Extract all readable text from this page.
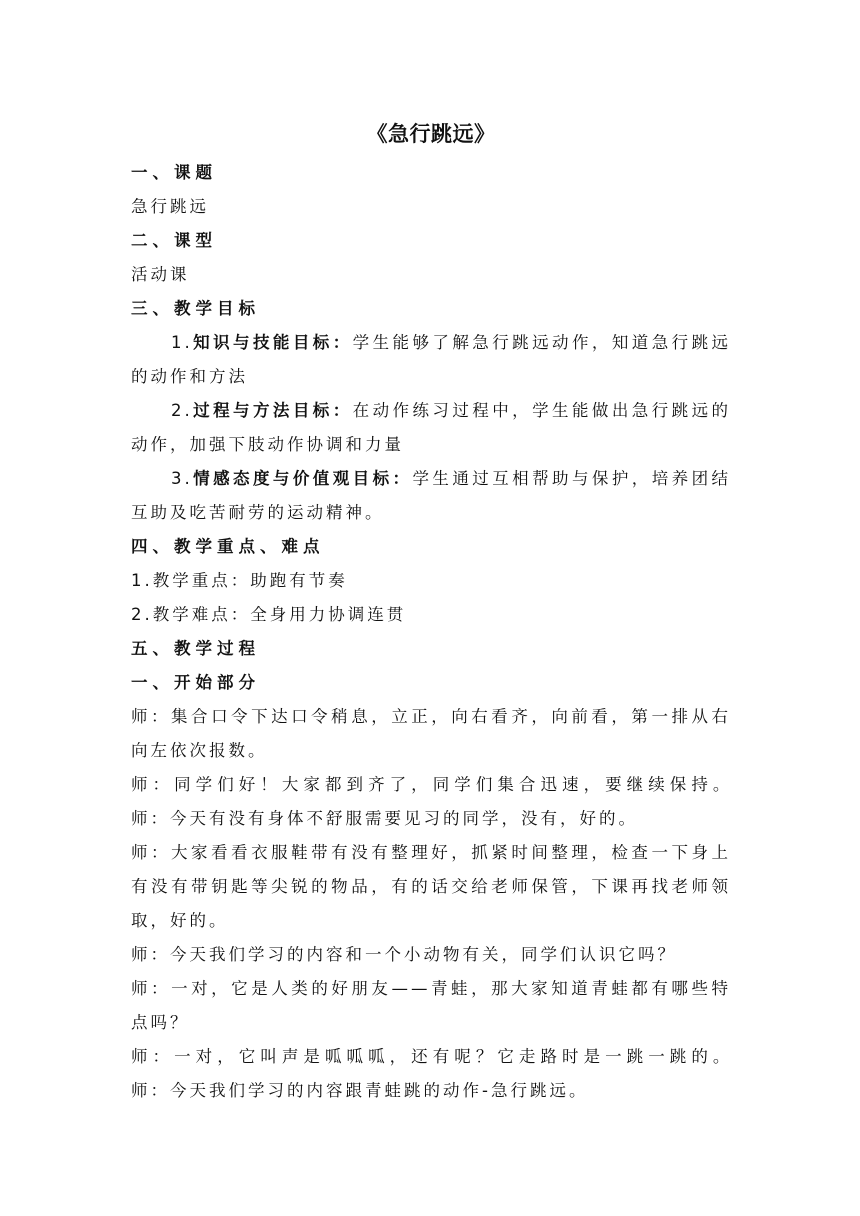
《急行跳远》

一、课题

急行跳远

二、课型

活动课

三、教学目标

1.知识与技能目标：学生能够了解急行跳远动作，知道急行跳远的动作和方法

2.过程与方法目标：在动作练习过程中，学生能做出急行跳远的动作，加强下肢动作协调和力量

3.情感态度与价值观目标：学生通过互相帮助与保护，培养团结互助及吃苦耐劳的运动精神。

四、教学重点、难点

1.教学重点：助跑有节奏

2.教学难点：全身用力协调连贯

五、教学过程

一、开始部分

师：集合口令下达口令稍息，立正，向右看齐，向前看，第一排从右向左依次报数。

师：同学们好！大家都到齐了，同学们集合迅速，要继续保持。

师：今天有没有身体不舒服需要见习的同学，没有，好的。

师：大家看看衣服鞋带有没有整理好，抓紧时间整理，检查一下身上有没有带钥匙等尖锐的物品，有的话交给老师保管，下课再找老师领取，好的。

师：今天我们学习的内容和一个小动物有关，同学们认识它吗？

师：一对，它是人类的好朋友——青蛙，那大家知道青蛙都有哪些特点吗？

师：一对，它叫声是呱呱呱，还有呢？它走路时是一跳一跳的。

师：今天我们学习的内容跟青蛙跳的动作-急行跳远。
